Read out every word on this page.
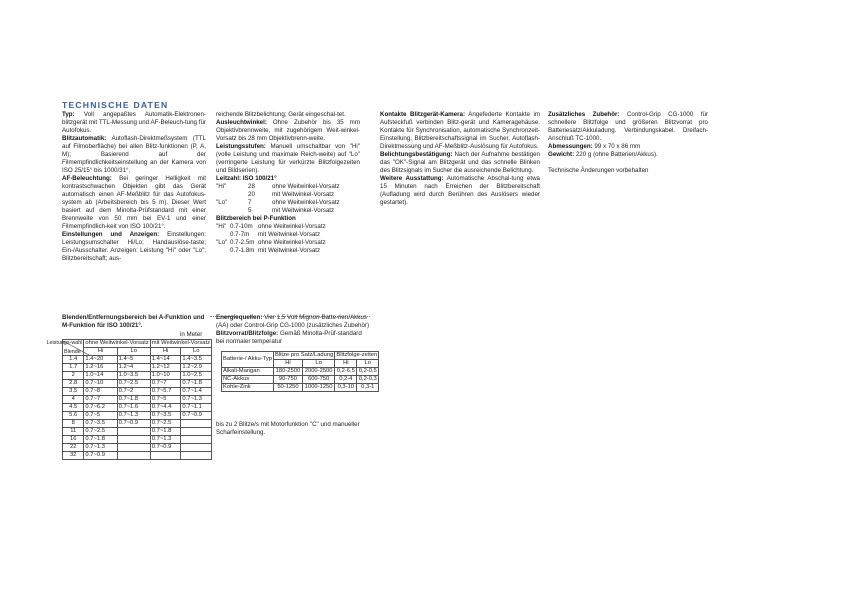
TECHNISCHE DATEN

Typ: Voll angepaßtes Automatik-Elektronen-blitzgerät mit TTL-Messung und AF-Beleuch-tung für Autofokus.

Blitzautomatik: Autoflash-Direktmeßsystem (TTL auf Filmoberfläche) bei allen Blitz-funktionen (P, A, M); Basierend auf der Filmempfindlichkeitseinstellung an der Kamera von ISO 25/15° bis 1000/31°.

AF-Beleuchtung: Bei geringer Helligkeit mit kontrastschwachen Objekten gibt das Gerät automatisch einen AF-Meßblitz für das Autofokus-system ab (Arbeitsbereich bis 5 m). Dieser Wert basiert auf dem Minolta-Prüfstandard mit einer Brennweite von 50 mm bei EV-1 und einer Filmempfindlich-keit von ISO 100/21°.

Einstellungen und Anzeigen: Einstellungen: Leistungsumschalter Hi/Lo; Handauslöse-taste; Ein-/Ausschalter. Anzeigen: Leistung "Hi" oder "Lo"; Blitzbereitschaft; aus-

reichende Blitzbelichtung; Gerät eingeschal-tet.

Ausleuchtwinkel: Ohne Zubehör bis 35 mm Objektivbrennweite, mit zugehörigem Weit-winkel-Vorsatz bis 28 mm Objektivbrenn-weite.

Leistungsstufen: Manuell umschaltbar von "Hi" (volle Leistung und maximale Reich-weite) auf "Lo" (verringerte Leistung für verkürzte Blitzfolgezeiten und Bildserien).

Leitzahl: ISO 100/21°

"Hi"	28	ohne Weitwinkel-Vorsatz
20	mit Weitwinkel-Vorsatz
"Lo"	7	ohne Weitwinkel-Vorsatz
5	mit Weitwinkel-Vorsatz

Blitzbereich bei P-Funktion

"Hi" 0.7-10m ohne Weitwinkel-Vorsatz
0.7-7m	mit Weitwinkel-Vorsatz
"Lo" 0.7-2.5m ohne Weitwinkel-Vorsatz
0.7-1.8m mit Weitwinkel-Vorsatz

Kontakte Blitzgerät-Kamera: Angefederte Kontakte im Aufsteckfuß verbinden Blitz-gerät und Kameragehäuse. Kontakte für Synchronisation, automatische Synchronzeit-Einstellung, Blitzbereitschaftssignal im Sucher, Autoflash-Direktmessung und AF-Meßblitz-Auslösung für Autofokus.

Belichtungsbestätigung: Nach der Aufnahme bestätigen das "OK"-Signal am Blitzgerät und das schnelle Blinken des Blitzsignals im Sucher die ausreichende Belichtung.

Weitere Ausstattung: Automatische Abschal-tung etwa 15 Minuten nach Erreichen der Blitzbereitschaft (Aufladung wird durch Berühren des Auslösers wieder gestartet).

Zusätzliches Zubehör: Control-Grip CG-1000 für schnellere Blitzfolge und größeren Blitzvorrat pro Batteriesatz/Akkuladung. Verbindungskabel. Dreifach-Anschluß TC-1000.

Abmessungen: 99 x 70 x 86 mm

Gewicht: 220 g (ohne Batterien/Akkus).

Technische Änderungen vorbehalten

Blenden/Entfernungsbereich bei A-Funktion und M-Funktion für ISO 100/21°.

in Meter

Leistungs-wahl
Blende	ohne Weitwinkel-Vorsatz		mit Weitwinkel-Vorsatz	
	Hi	Lo	Hi	Lo
1.4	1.4~20	1.4~5	1.4~14	1.4~3.5
1.7	1.2~16	1.2~4	1.2~12	1.2~2.9
2	1.0~14	1.0~3.5	1.0~10	1.0~2.5
2.8	0.7~10	0.7~2.5	0.7~7	0.7~1.8
3.5	0.7~8	0.7~2	0.7~5.7	0.7~1.4
4	0.7~7	0.7~1.8	0.7~5	0.7~1.3
4.5	0.7~6.2	0.7~1.6	0.7~4.4	0.7~1.1
5.6	0.7~5	0.7~1.3	0.7~3.5	0.7~0.9
8	0.7~3.5	0.7~0.9	0.7~2.5	
11	0.7~2.5		0.7~1.8	
16	0.7~1.8		0.7~1.3	
22	0.7~1.3		0.7~0.9	
32	0.7~0.9			

Energiequellen: Vier 1,5 Volt Mignon-Batte-rien/Akkus (AA) oder Control-Grip CG-1000 (zusätzliches Zubehör)

Blitzvorrat/Blitzfolge: Gemäß Minolta-Prüf-standard bei normaler temperatur

Batterie-/ Akku-Typ	Blitze pro Satz/Ladung		Blitzfolge-zeiten	
	Hi	Lo	Hi	Lo
Alkali-Mangan	180-2500	2000-2500	0,2-6,5	0,2-0,5
NC-Akkus	90-750	600-750	0,2-4	0,2-0,3
Kohle-Zink	50-1250	1000-1250	0,3-10	0,3-1

bis zu 2 Blitze/s mit Motorfunktion "C" und manueller Scharfeinstellung.
